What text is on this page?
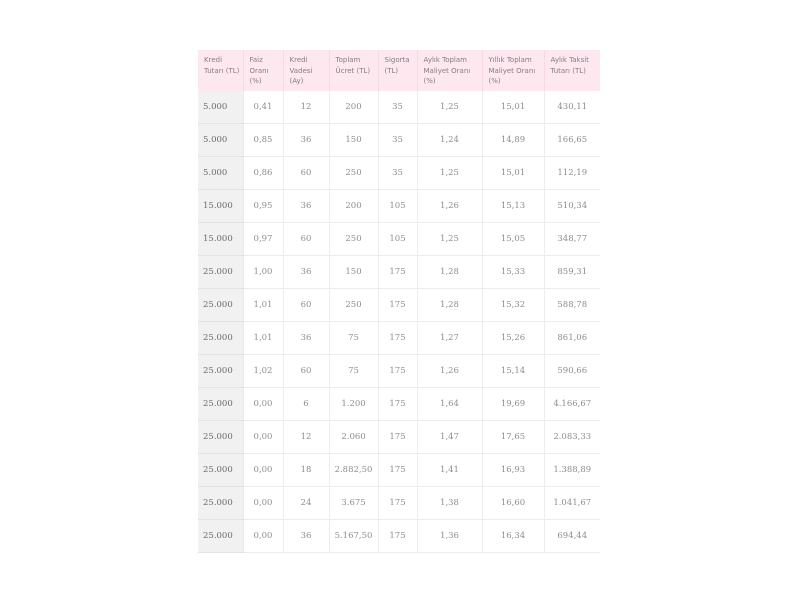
Kredi Tutarı (TL)	Faiz Oranı (%)	Kredi Vadesi (Ay)	Toplam Ücret (TL)	Sigorta (TL)	Aylık Toplam Maliyet Oranı (%)	Yıllık Toplam Maliyet Oranı (%)	Aylık Taksit Tutarı (TL)
5.000	0,41	12	200	35	1,25	15,01	430,11
5.000	0,85	36	150	35	1,24	14,89	166,65
5.000	0,86	60	250	35	1,25	15,01	112,19
15.000	0,95	36	200	105	1,26	15,13	510,34
15.000	0,97	60	250	105	1,25	15,05	348,77
25.000	1,00	36	150	175	1,28	15,33	859,31
25.000	1,01	60	250	175	1,28	15,32	588,78
25.000	1,01	36	75	175	1,27	15,26	861,06
25.000	1,02	60	75	175	1,26	15,14	590,66
25.000	0,00	6	1.200	175	1,64	19,69	4.166,67
25.000	0,00	12	2.060	175	1,47	17,65	2.083,33
25.000	0,00	18	2.882,50	175	1,41	16,93	1.388,89
25.000	0,00	24	3.675	175	1,38	16,60	1.041,67
25.000	0,00	36	5.167,50	175	1,36	16,34	694,44
